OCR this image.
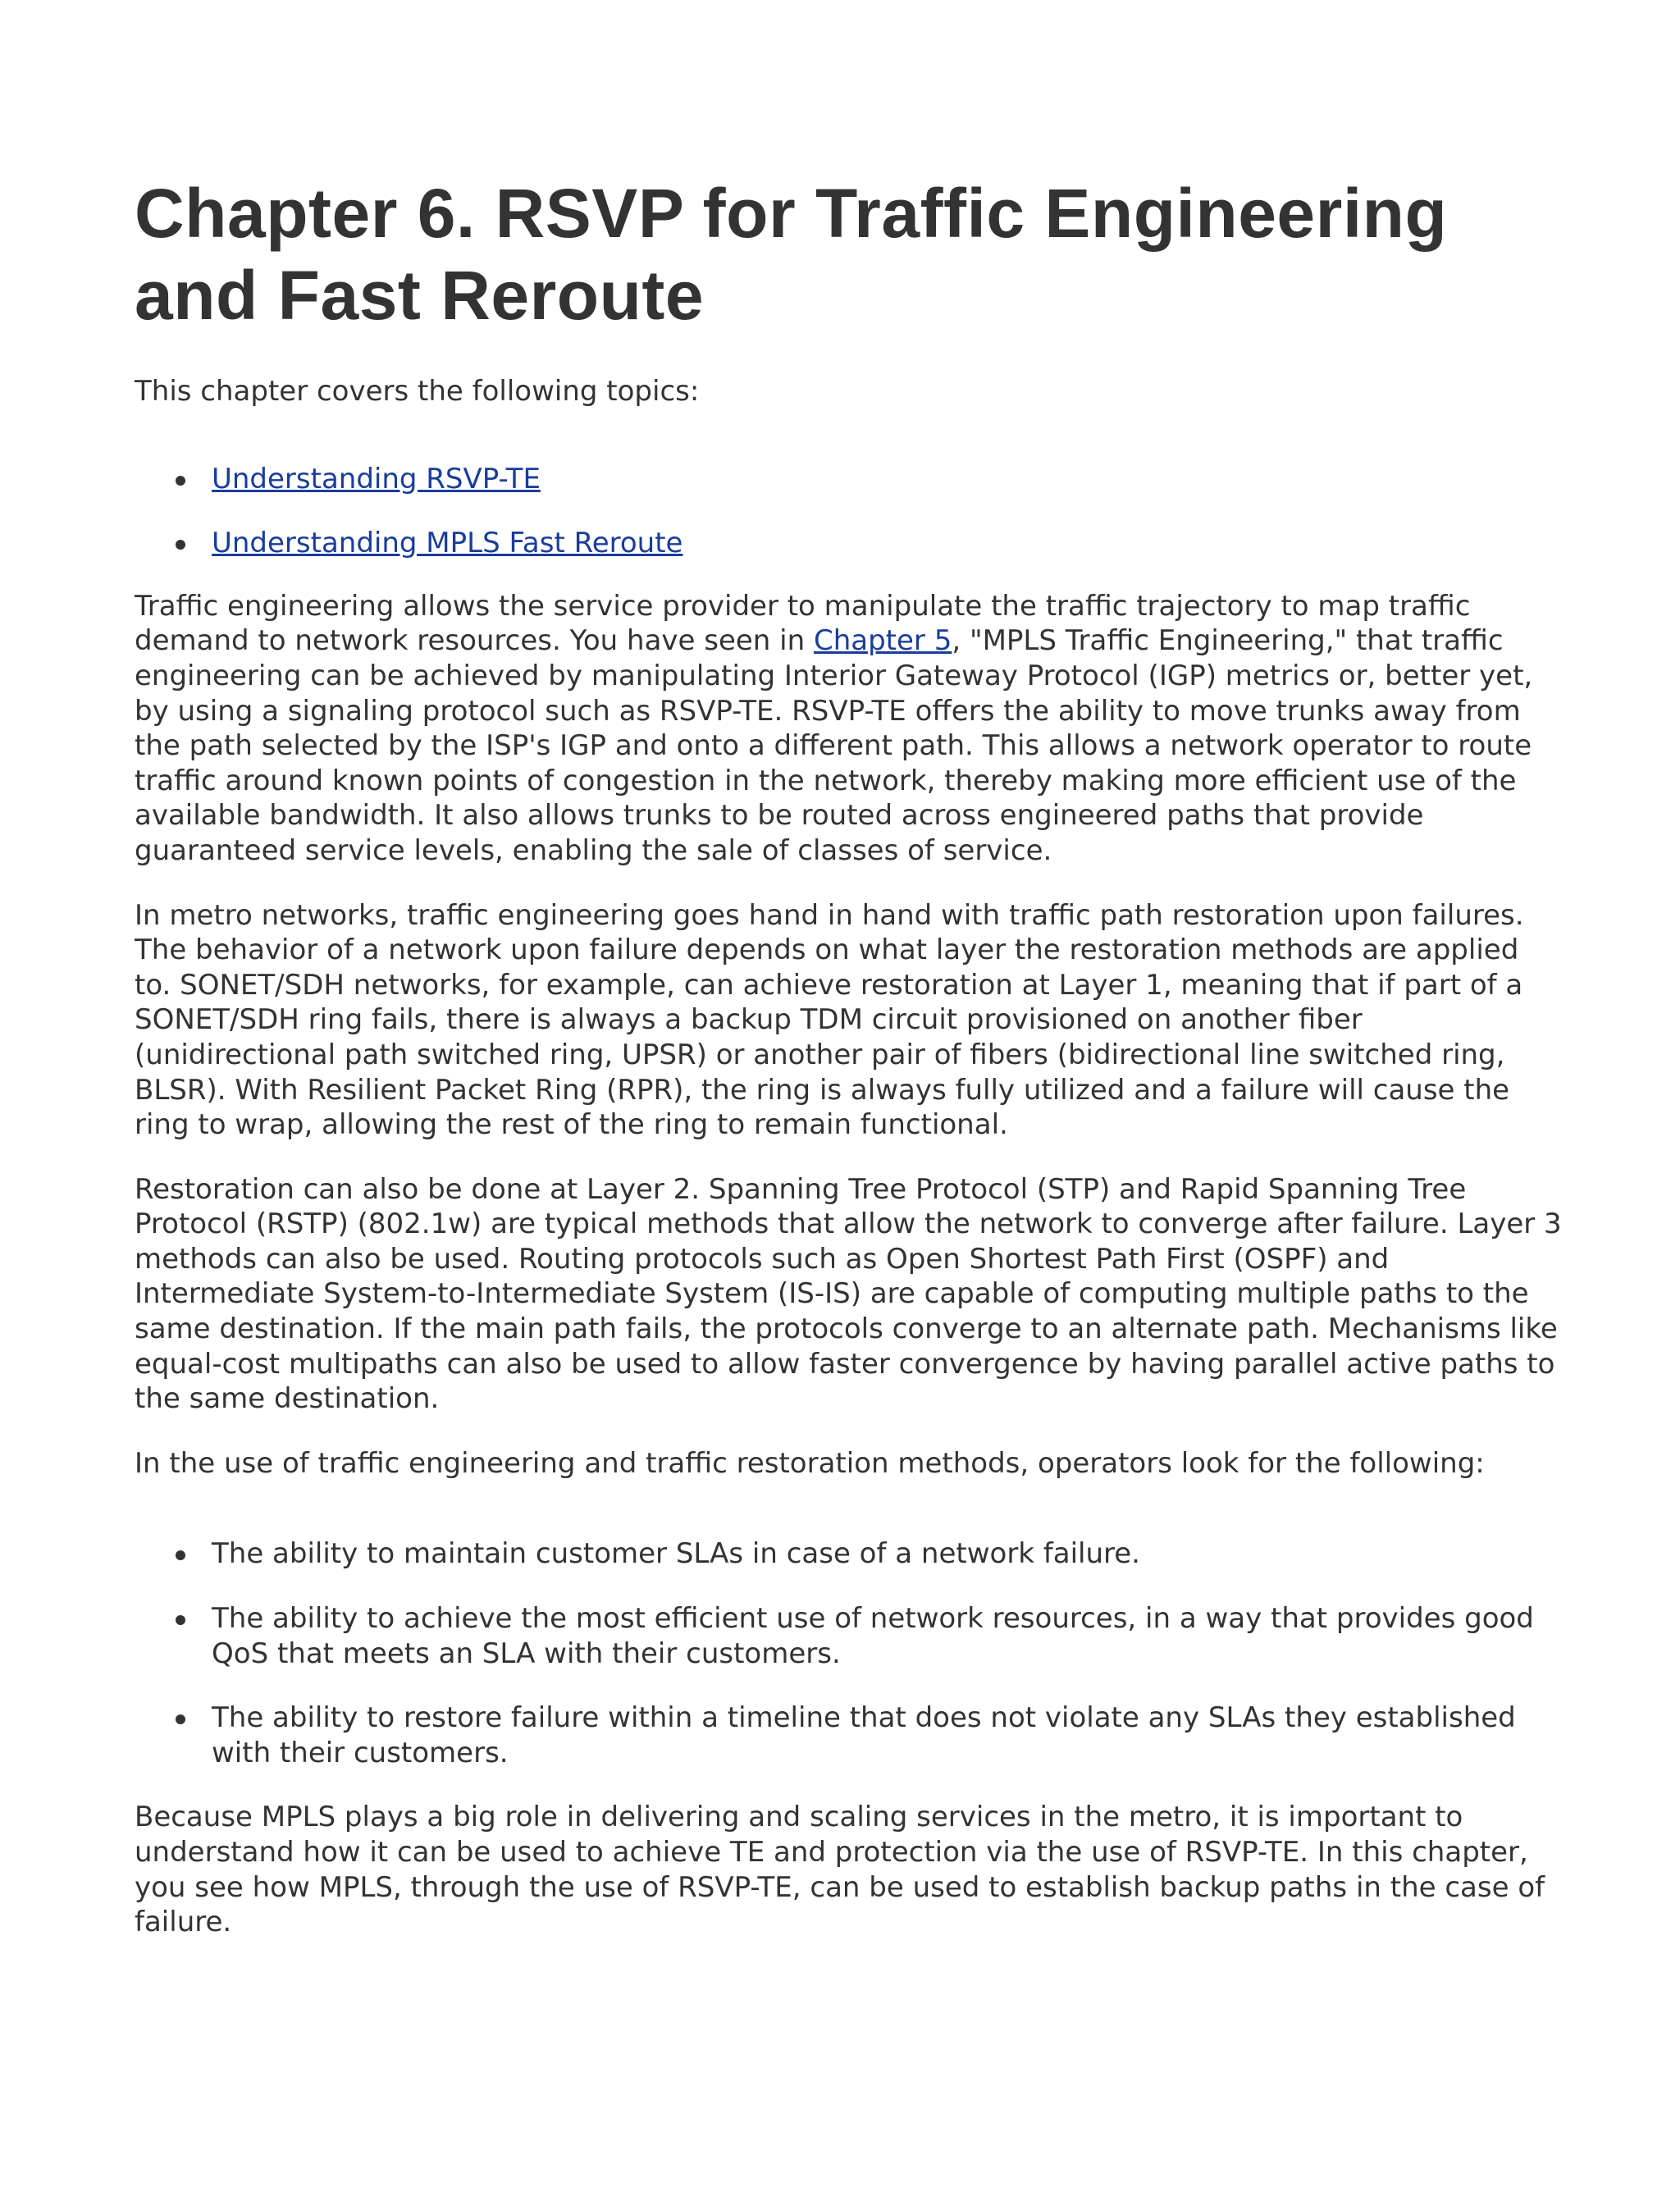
Chapter 6. RSVP for Traffic Engineering and Fast Reroute

This chapter covers the following topics:

Understanding RSVP-TE
Understanding MPLS Fast Reroute

Traffic engineering allows the service provider to manipulate the traffic trajectory to map traffic demand to network resources. You have seen in Chapter 5, "MPLS Traffic Engineering," that traffic engineering can be achieved by manipulating Interior Gateway Protocol (IGP) metrics or, better yet, by using a signaling protocol such as RSVP-TE. RSVP-TE offers the ability to move trunks away from the path selected by the ISP's IGP and onto a different path. This allows a network operator to route traffic around known points of congestion in the network, thereby making more efficient use of the available bandwidth. It also allows trunks to be routed across engineered paths that provide guaranteed service levels, enabling the sale of classes of service.

In metro networks, traffic engineering goes hand in hand with traffic path restoration upon failures. The behavior of a network upon failure depends on what layer the restoration methods are applied to. SONET/SDH networks, for example, can achieve restoration at Layer 1, meaning that if part of a SONET/SDH ring fails, there is always a backup TDM circuit provisioned on another fiber (unidirectional path switched ring, UPSR) or another pair of fibers (bidirectional line switched ring, BLSR). With Resilient Packet Ring (RPR), the ring is always fully utilized and a failure will cause the ring to wrap, allowing the rest of the ring to remain functional.

Restoration can also be done at Layer 2. Spanning Tree Protocol (STP) and Rapid Spanning Tree Protocol (RSTP) (802.1w) are typical methods that allow the network to converge after failure. Layer 3 methods can also be used. Routing protocols such as Open Shortest Path First (OSPF) and Intermediate System-to-Intermediate System (IS-IS) are capable of computing multiple paths to the same destination. If the main path fails, the protocols converge to an alternate path. Mechanisms like equal-cost multipaths can also be used to allow faster convergence by having parallel active paths to the same destination.

In the use of traffic engineering and traffic restoration methods, operators look for the following:

The ability to maintain customer SLAs in case of a network failure.
The ability to achieve the most efficient use of network resources, in a way that provides good QoS that meets an SLA with their customers.
The ability to restore failure within a timeline that does not violate any SLAs they established with their customers.

Because MPLS plays a big role in delivering and scaling services in the metro, it is important to understand how it can be used to achieve TE and protection via the use of RSVP-TE. In this chapter, you see how MPLS, through the use of RSVP-TE, can be used to establish backup paths in the case of failure.
